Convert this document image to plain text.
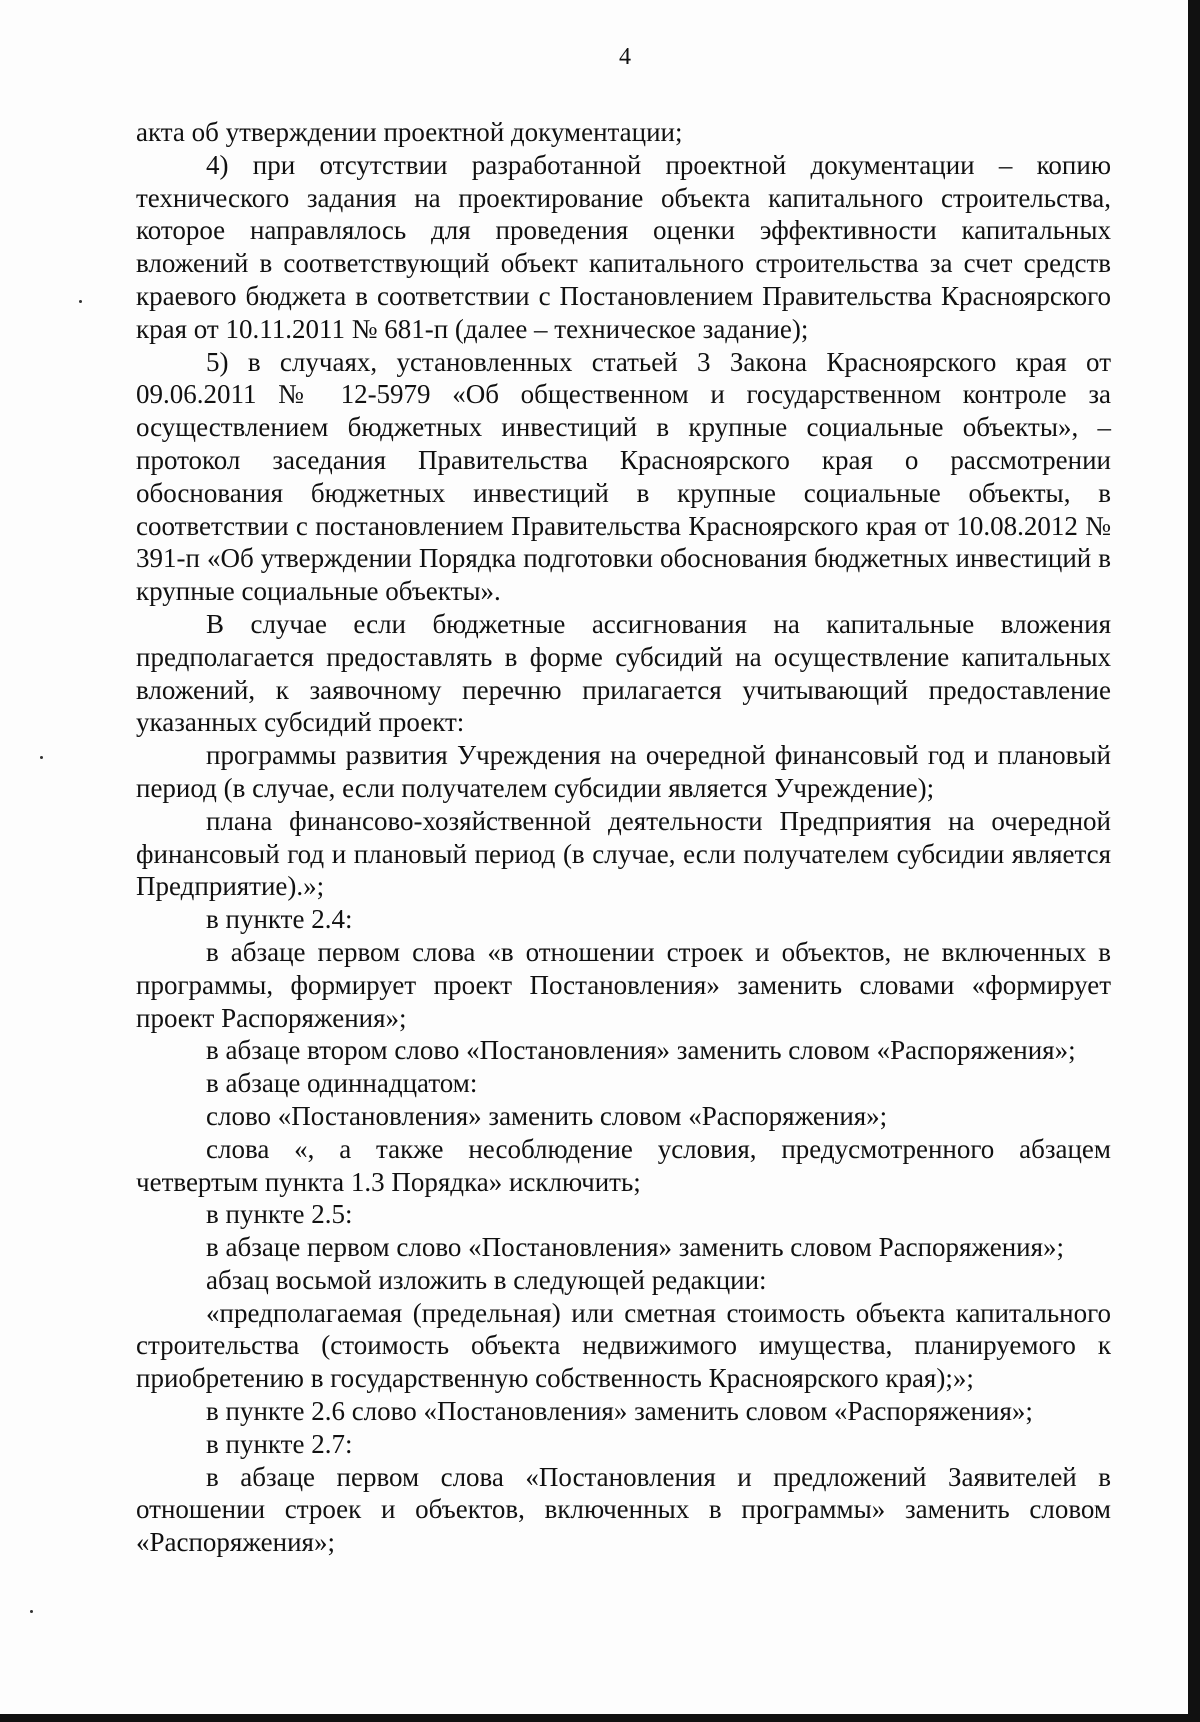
4

акта об утверждении проектной документации;

4) при отсутствии разработанной проектной документации – копию технического задания на проектирование объекта капитального строительства, которое направлялось для проведения оценки эффективности капитальных вложений в соответствующий объект капитального строительства за счет средств краевого бюджета в соответствии с Постановлением Правительства Красноярского края от 10.11.2011 № 681-п (далее – техническое задание);

5) в случаях, установленных статьей 3 Закона Красноярского края от 09.06.2011 № 12-5979 «Об общественном и государственном контроле за осуществлением бюджетных инвестиций в крупные социальные объекты», – протокол заседания Правительства Красноярского края о рассмотрении обоснования бюджетных инвестиций в крупные социальные объекты, в соответствии с постановлением Правительства Красноярского края от 10.08.2012 № 391-п «Об утверждении Порядка подготовки обоснования бюджетных инвестиций в крупные социальные объекты».

В случае если бюджетные ассигнования на капитальные вложения предполагается предоставлять в форме субсидий на осуществление капитальных вложений, к заявочному перечню прилагается учитывающий предоставление указанных субсидий проект:

программы развития Учреждения на очередной финансовый год и плановый период (в случае, если получателем субсидии является Учреждение);

плана финансово-хозяйственной деятельности Предприятия на очередной финансовый год и плановый период (в случае, если получателем субсидии является Предприятие).»;

в пункте 2.4:

в абзаце первом слова «в отношении строек и объектов, не включенных в программы, формирует проект Постановления» заменить словами «формирует проект Распоряжения»;

в абзаце втором слово «Постановления» заменить словом «Распоряжения»;

в абзаце одиннадцатом:

слово «Постановления» заменить словом «Распоряжения»;

слова «, а также несоблюдение условия, предусмотренного абзацем четвертым пункта 1.3 Порядка» исключить;

в пункте 2.5:

в абзаце первом слово «Постановления» заменить словом Распоряжения»;

абзац восьмой изложить в следующей редакции:

«предполагаемая (предельная) или сметная стоимость объекта капитального строительства (стоимость объекта недвижимого имущества, планируемого к приобретению в государственную собственность Красноярского края);»;

в пункте 2.6 слово «Постановления» заменить словом «Распоряжения»;

в пункте 2.7:

в абзаце первом слова «Постановления и предложений Заявителей в отношении строек и объектов, включенных в программы» заменить словом «Распоряжения»;
